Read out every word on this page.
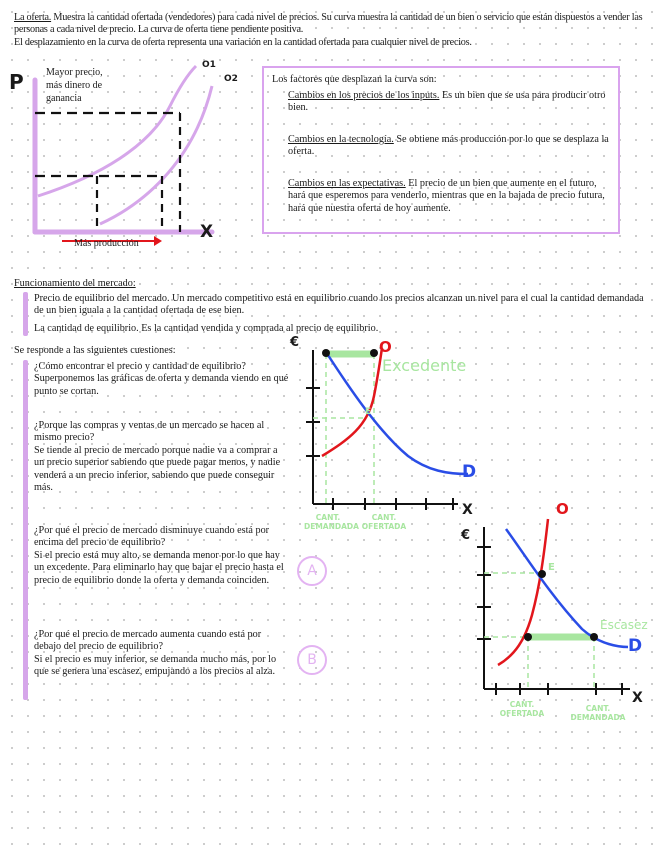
La oferta. Muestra la cantidad ofertada (vendedores) para cada nivel de precios. Su curva muestra la cantidad de un bien o servicio que están dispuestos a vender las personas a cada nivel de precio. La curva de oferta tiene pendiente positiva.

El desplazamiento en la curva de oferta representa una variación en la cantidad ofertada para cualquier nivel de precios.

P
X
O1
O2
Mayor precio,
más dinero de
ganancia
Más producción
Los factores que desplazan la curva son:
Cambios en los precios de los inputs. Es un bien que se usa para producir otro bien.
Cambios en la tecnología. Se obtiene más producción por lo que se desplaza la oferta.
Cambios en las expectativas. El precio de un bien que aumente en el futuro, hará que esperemos para venderlo, mientras que en la bajada de precio futura, hará que nuestra oferta de hoy aumente.
Funcionamiento del mercado:
Precio de equilibrio del mercado. Un mercado competitivo está en equilibrio cuando los precios alcanzan un nivel para el cual la cantidad demandada de un bien iguala a la cantidad ofertada de ese bien.
La cantidad de equilibrio. Es la cantidad vendida y comprada al precio de equilibrio.
Se responde a las siguientes cuestiones:
¿Cómo encontrar el precio y cantidad de equilibrio?
Superponemos las gráficas de oferta y demanda viendo en qué punto se cortan.
¿Porque las compras y ventas de un mercado se hacen al mismo precio?
Se tiende al precio de mercado porque nadie va a comprar a un precio superior sabiendo que puede pagar menos, y nadie venderá a un precio inferior, sabiendo que puede conseguir más.
¿Por qué el precio de mercado disminuye cuando está por encima del precio de equilibrio?
Si el precio está muy alto, se demanda menor por lo que hay un excedente. Para eliminarlo hay que bajar el precio hasta el precio de equilibrio donde la oferta y demanda coinciden.
¿Por qué el precio de mercado aumenta cuando está por debajo del precio de equilibrio?
Si el precio es muy inferior, se demanda mucho más, por lo que se genera una escasez, empujando a los precios al alza.
A
B
€
X
O
D
E
Excedente
CANT. DEMANDADA
CANT. OFERTADA
€
X
O
D
E
Escasez
CANT. OFERTADA
CANT. DEMANDADA
